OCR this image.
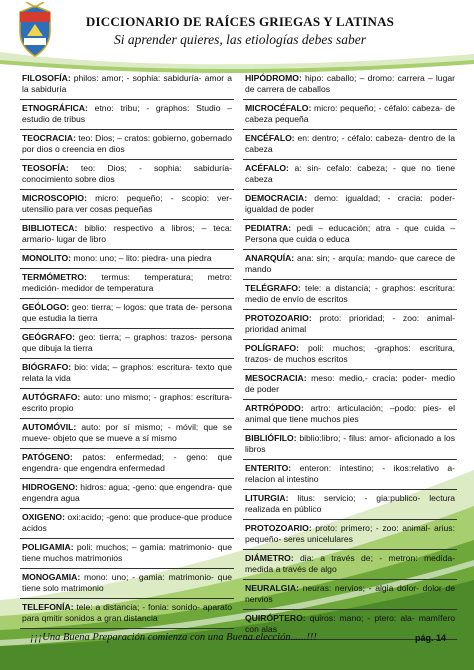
DICCIONARIO DE RAÍCES GRIEGAS Y LATINAS
Si aprender quieres, las etiologías debes saber
FILOSOFÍA: philos: amor; - sophia: sabiduría- amor a la sabiduría
ETNOGRÁFICA: etno: tribu; - graphos: Studio – estudio de tribus
TEOCRACIA: teo: Dios; – cratos: gobierno, gobernado por dios o creencia en dios
TEOSOFÍA: teo: Dios; - sophia: sabiduría-conocimiento sobre dios
MICROSCOPIO: micro: pequeño; - scopio: ver- utensilio para ver cosas pequeñas
BIBLIOTECA: biblio: respectivo a libros; – teca: armario- lugar de libro
MONOLITO: mono: uno; – lito: piedra- una piedra
TERMÓMETRO: termus: temperatura; metro: medición- medidor de temperatura
GEÓLOGO: geo: tierra; – logos: que trata de- persona que estudia la tierra
GEÓGRAFO: geo: tierra; – graphos: trazos- persona que dibuja la tierra
BIÓGRAFO: bio: vida; – graphos: escritura- texto que relata la vida
AUTÓGRAFO: auto: uno mismo; - graphos: escritura-escrito propio
AUTOMÓVIL: auto: por sí mismo; - móvil: que se mueve- objeto que se mueve a sí mismo
PATÓGENO: patos: enfermedad; - geno: que engendra- que engendra enfermedad
HIDROGENO: hidros: agua; -geno: que engendra- que engendra agua
OXIGENO: oxi:acido; -geno: que produce-que produce acidos
POLIGAMIA: poli: muchos; – gamia: matrimonio- que tiene muchos matrimonios
MONOGAMIA: mono: uno; - gamia: matrimonio- que tiene solo matrimonio
TELEFONÍA: tele: a distancia; - fonia: sonido- aparato para qmitir sonidos a gran distancia
HIPÓDROMO: hipo: caballo; – dromo: carrera – lugar de carrera de caballos
MICROCÉFALO: micro: pequeño; - céfalo: cabeza- de cabeza pequeña
ENCÉFALO: en: dentro; - céfalo: cabeza- dentro de la cabeza
ACÉFALO: a: sin- cefalo: cabeza; - que no tiene cabeza
DEMOCRACIA: demo: igualdad; - cracia: poder- igualdad de poder
PEDIATRA: pedi – educación; atra - que cuida – Persona que cuida o educa
ANARQUÍA: ana: sin; - arquía: mando- que carece de mando
TELÉGRAFO: tele: a distancia; - graphos: escritura: medio de envío de escritos
PROTOZOARIO: proto: prioridad; - zoo: animal- prioridad animal
POLÍGRAFO: poli: muchos; -graphos: escritura, trazos- de muchos escritos
MESOCRACIA: meso: medio,- cracia: poder- medio de poder
ARTRÓPODO: artro: articulación; –podo: pies- el animal que tiene muchos pies
BIBLIÓFILO: biblio:libro; - filus: amor- aficionado a los libros
ENTERITO: enteron: intestino; - ikos:relativo a- relacion al intestino
LITURGIA: litus: servicio; - gia:publico- lectura realizada en público
PROTOZOARIO: proto: primero; - zoo: animal- arius: pequeño- seres unicelulares
DIÁMETRO: dia: a través de; - metron: medida- medida a través de algo
NEURALGIA: neuras: nervios; - algia dolor- dolor de nervios
QUIRÓPTERO: quiros: mano; - ptero: ala- mamífero con alas
¡¡¡Una Buena Preparación comienza con una Buena elección......!!!	pág. 14
